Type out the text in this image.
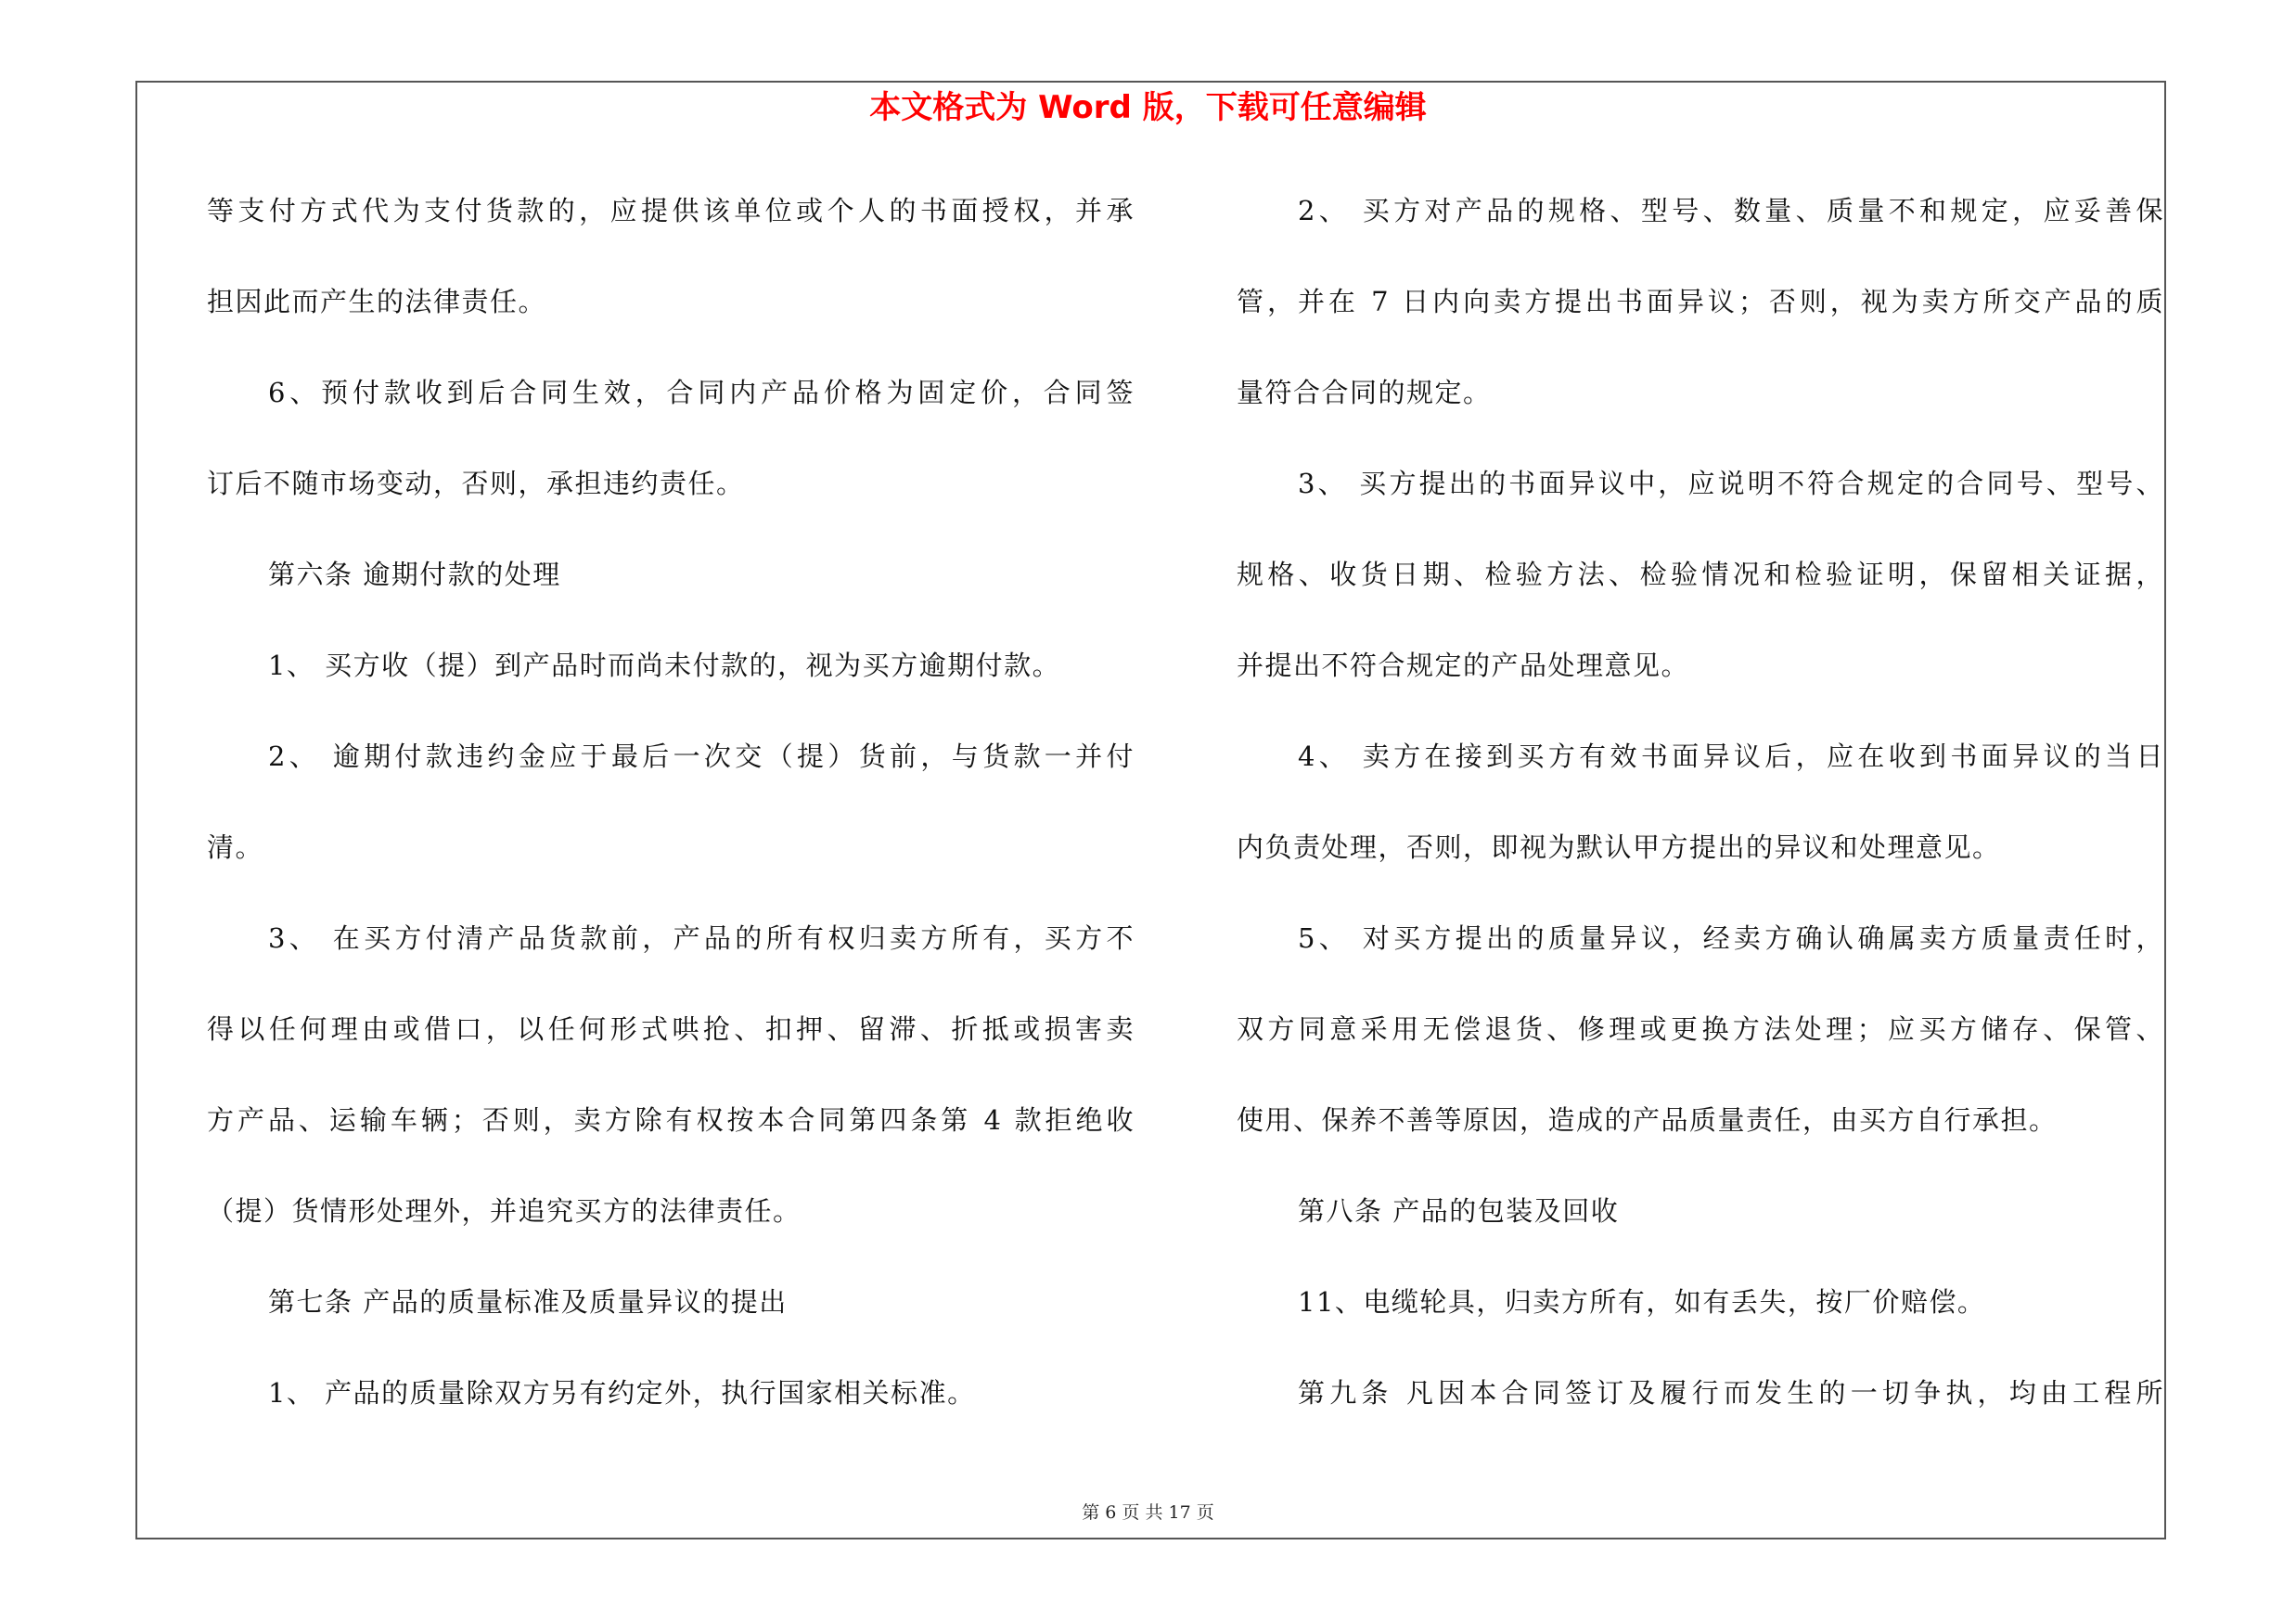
本文格式为 Word 版，下载可任意编辑
等支付方式代为支付货款的，应提供该单位或个人的书面授权，并承
担因此而产生的法律责任。
6、预付款收到后合同生效，合同内产品价格为固定价，合同签
订后不随市场变动，否则，承担违约责任。
第六条 逾期付款的处理
1、 买方收（提）到产品时而尚未付款的，视为买方逾期付款。
2、 逾期付款违约金应于最后一次交（提）货前，与货款一并付
清。
3、 在买方付清产品货款前，产品的所有权归卖方所有，买方不
得以任何理由或借口，以任何形式哄抢、扣押、留滞、折抵或损害卖
方产品、运输车辆；否则，卖方除有权按本合同第四条第 4 款拒绝收
（提）货情形处理外，并追究买方的法律责任。
第七条 产品的质量标准及质量异议的提出
1、 产品的质量除双方另有约定外，执行国家相关标准。
2、 买方对产品的规格、型号、数量、质量不和规定，应妥善保
管，并在 7 日内向卖方提出书面异议；否则，视为卖方所交产品的质
量符合合同的规定。
3、 买方提出的书面异议中，应说明不符合规定的合同号、型号、
规格、收货日期、检验方法、检验情况和检验证明，保留相关证据，
并提出不符合规定的产品处理意见。
4、 卖方在接到买方有效书面异议后，应在收到书面异议的当日
内负责处理，否则，即视为默认甲方提出的异议和处理意见。
5、 对买方提出的质量异议，经卖方确认确属卖方质量责任时，
双方同意采用无偿退货、修理或更换方法处理；应买方储存、保管、
使用、保养不善等原因，造成的产品质量责任，由买方自行承担。
第八条 产品的包装及回收
11、电缆轮具，归卖方所有，如有丢失，按厂价赔偿。
第九条 凡因本合同签订及履行而发生的一切争执，均由工程所
第 6 页 共 17 页
